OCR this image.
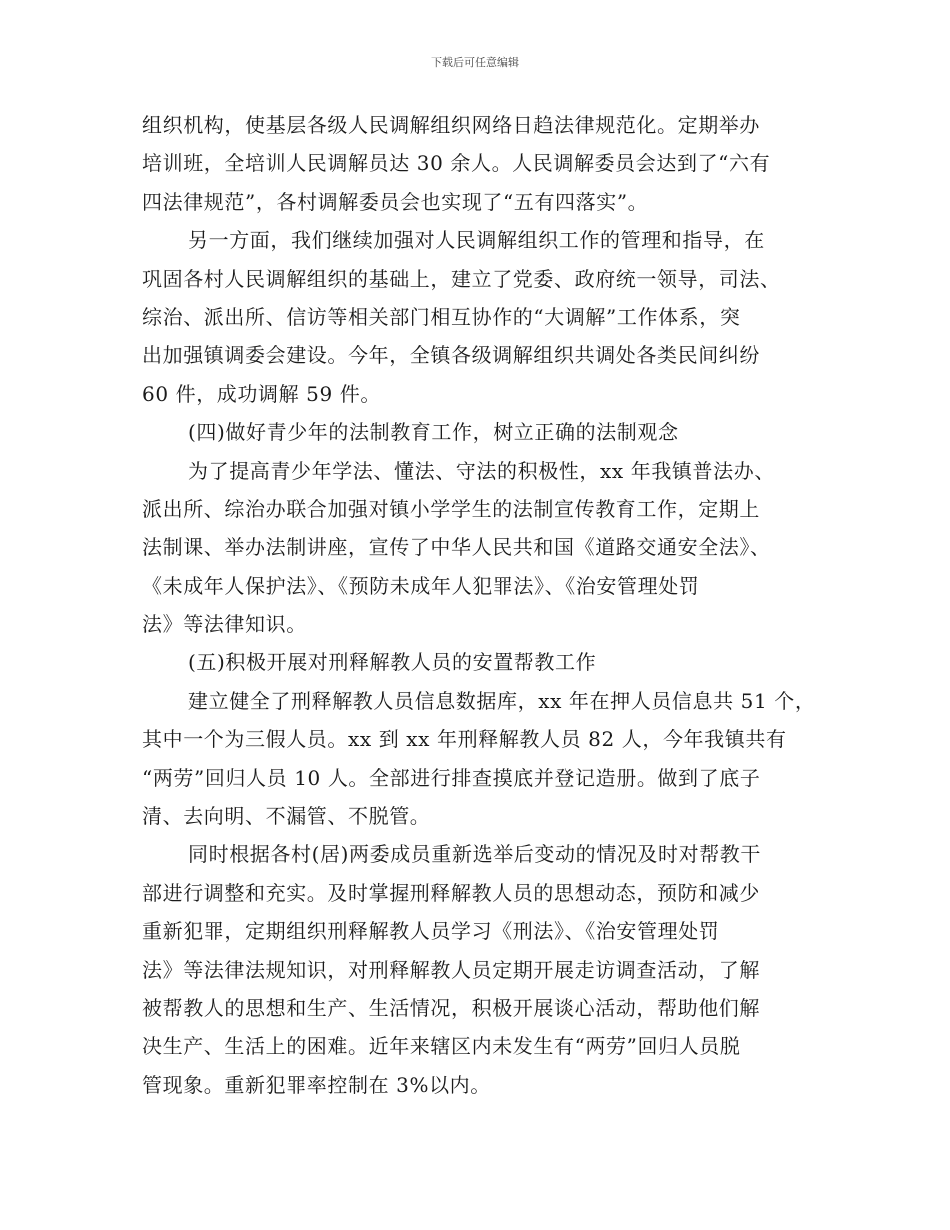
下载后可任意编辑
组织机构，使基层各级人民调解组织网络日趋法律规范化。定期举办
培训班，全培训人民调解员达 30 余人。人民调解委员会达到了“六有
四法律规范”，各村调解委员会也实现了“五有四落实”。
另一方面，我们继续加强对人民调解组织工作的管理和指导，在
巩固各村人民调解组织的基础上，建立了党委、政府统一领导，司法、
综治、派出所、信访等相关部门相互协作的“大调解”工作体系，突
出加强镇调委会建设。今年，全镇各级调解组织共调处各类民间纠纷
60 件，成功调解 59 件。
(四)做好青少年的法制教育工作，树立正确的法制观念
为了提高青少年学法、懂法、守法的积极性，xx 年我镇普法办、
派出所、综治办联合加强对镇小学学生的法制宣传教育工作，定期上
法制课、举办法制讲座，宣传了中华人民共和国《道路交通安全法》、
《未成年人保护法》、《预防未成年人犯罪法》、《治安管理处罚
法》等法律知识。
(五)积极开展对刑释解教人员的安置帮教工作
建立健全了刑释解教人员信息数据库，xx 年在押人员信息共 51 个，
其中一个为三假人员。xx 到 xx 年刑释解教人员 82 人，今年我镇共有
“两劳”回归人员 10 人。全部进行排查摸底并登记造册。做到了底子
清、去向明、不漏管、不脱管。
同时根据各村(居)两委成员重新选举后变动的情况及时对帮教干
部进行调整和充实。及时掌握刑释解教人员的思想动态，预防和减少
重新犯罪，定期组织刑释解教人员学习《刑法》、《治安管理处罚
法》等法律法规知识，对刑释解教人员定期开展走访调查活动，了解
被帮教人的思想和生产、生活情况，积极开展谈心活动，帮助他们解
决生产、生活上的困难。近年来辖区内未发生有“两劳”回归人员脱
管现象。重新犯罪率控制在 3%以内。
